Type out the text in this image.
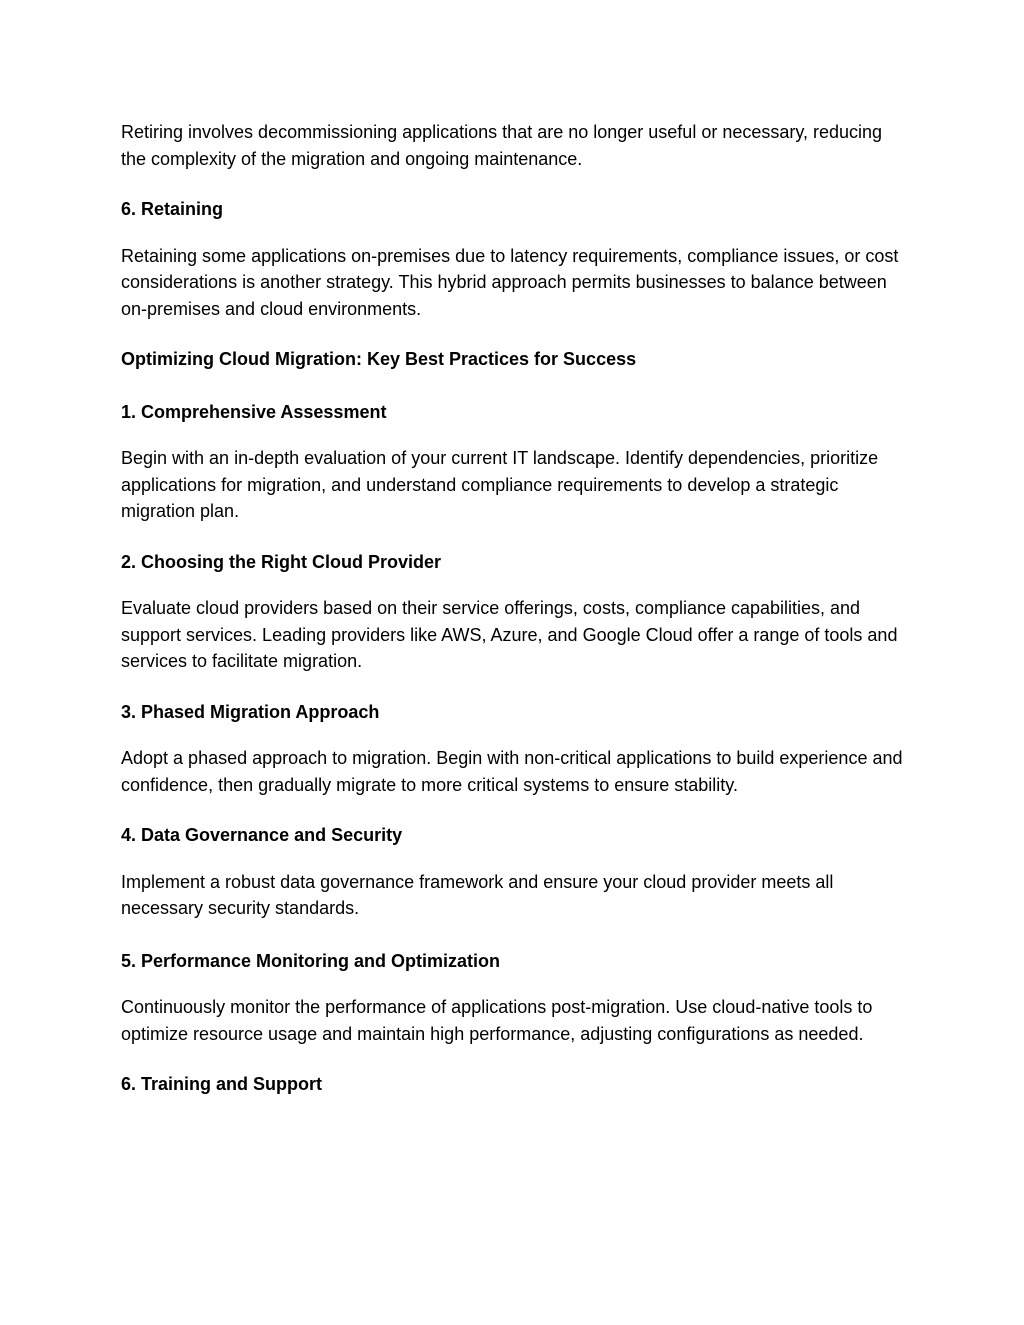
Retiring involves decommissioning applications that are no longer useful or necessary, reducing the complexity of the migration and ongoing maintenance.

6. Retaining

Retaining some applications on-premises due to latency requirements, compliance issues, or cost considerations is another strategy. This hybrid approach permits businesses to balance between on-premises and cloud environments.

Optimizing Cloud Migration: Key Best Practices for Success
1. Comprehensive Assessment

Begin with an in-depth evaluation of your current IT landscape. Identify dependencies, prioritize applications for migration, and understand compliance requirements to develop a strategic migration plan.

2. Choosing the Right Cloud Provider

Evaluate cloud providers based on their service offerings, costs, compliance capabilities, and support services. Leading providers like AWS, Azure, and Google Cloud offer a range of tools and services to facilitate migration.

3. Phased Migration Approach

Adopt a phased approach to migration. Begin with non-critical applications to build experience and confidence, then gradually migrate to more critical systems to ensure stability.

4. Data Governance and Security

Implement a robust data governance framework and ensure your cloud provider meets all necessary security standards.

5. Performance Monitoring and Optimization

Continuously monitor the performance of applications post-migration. Use cloud-native tools to optimize resource usage and maintain high performance, adjusting configurations as needed.

6. Training and Support
